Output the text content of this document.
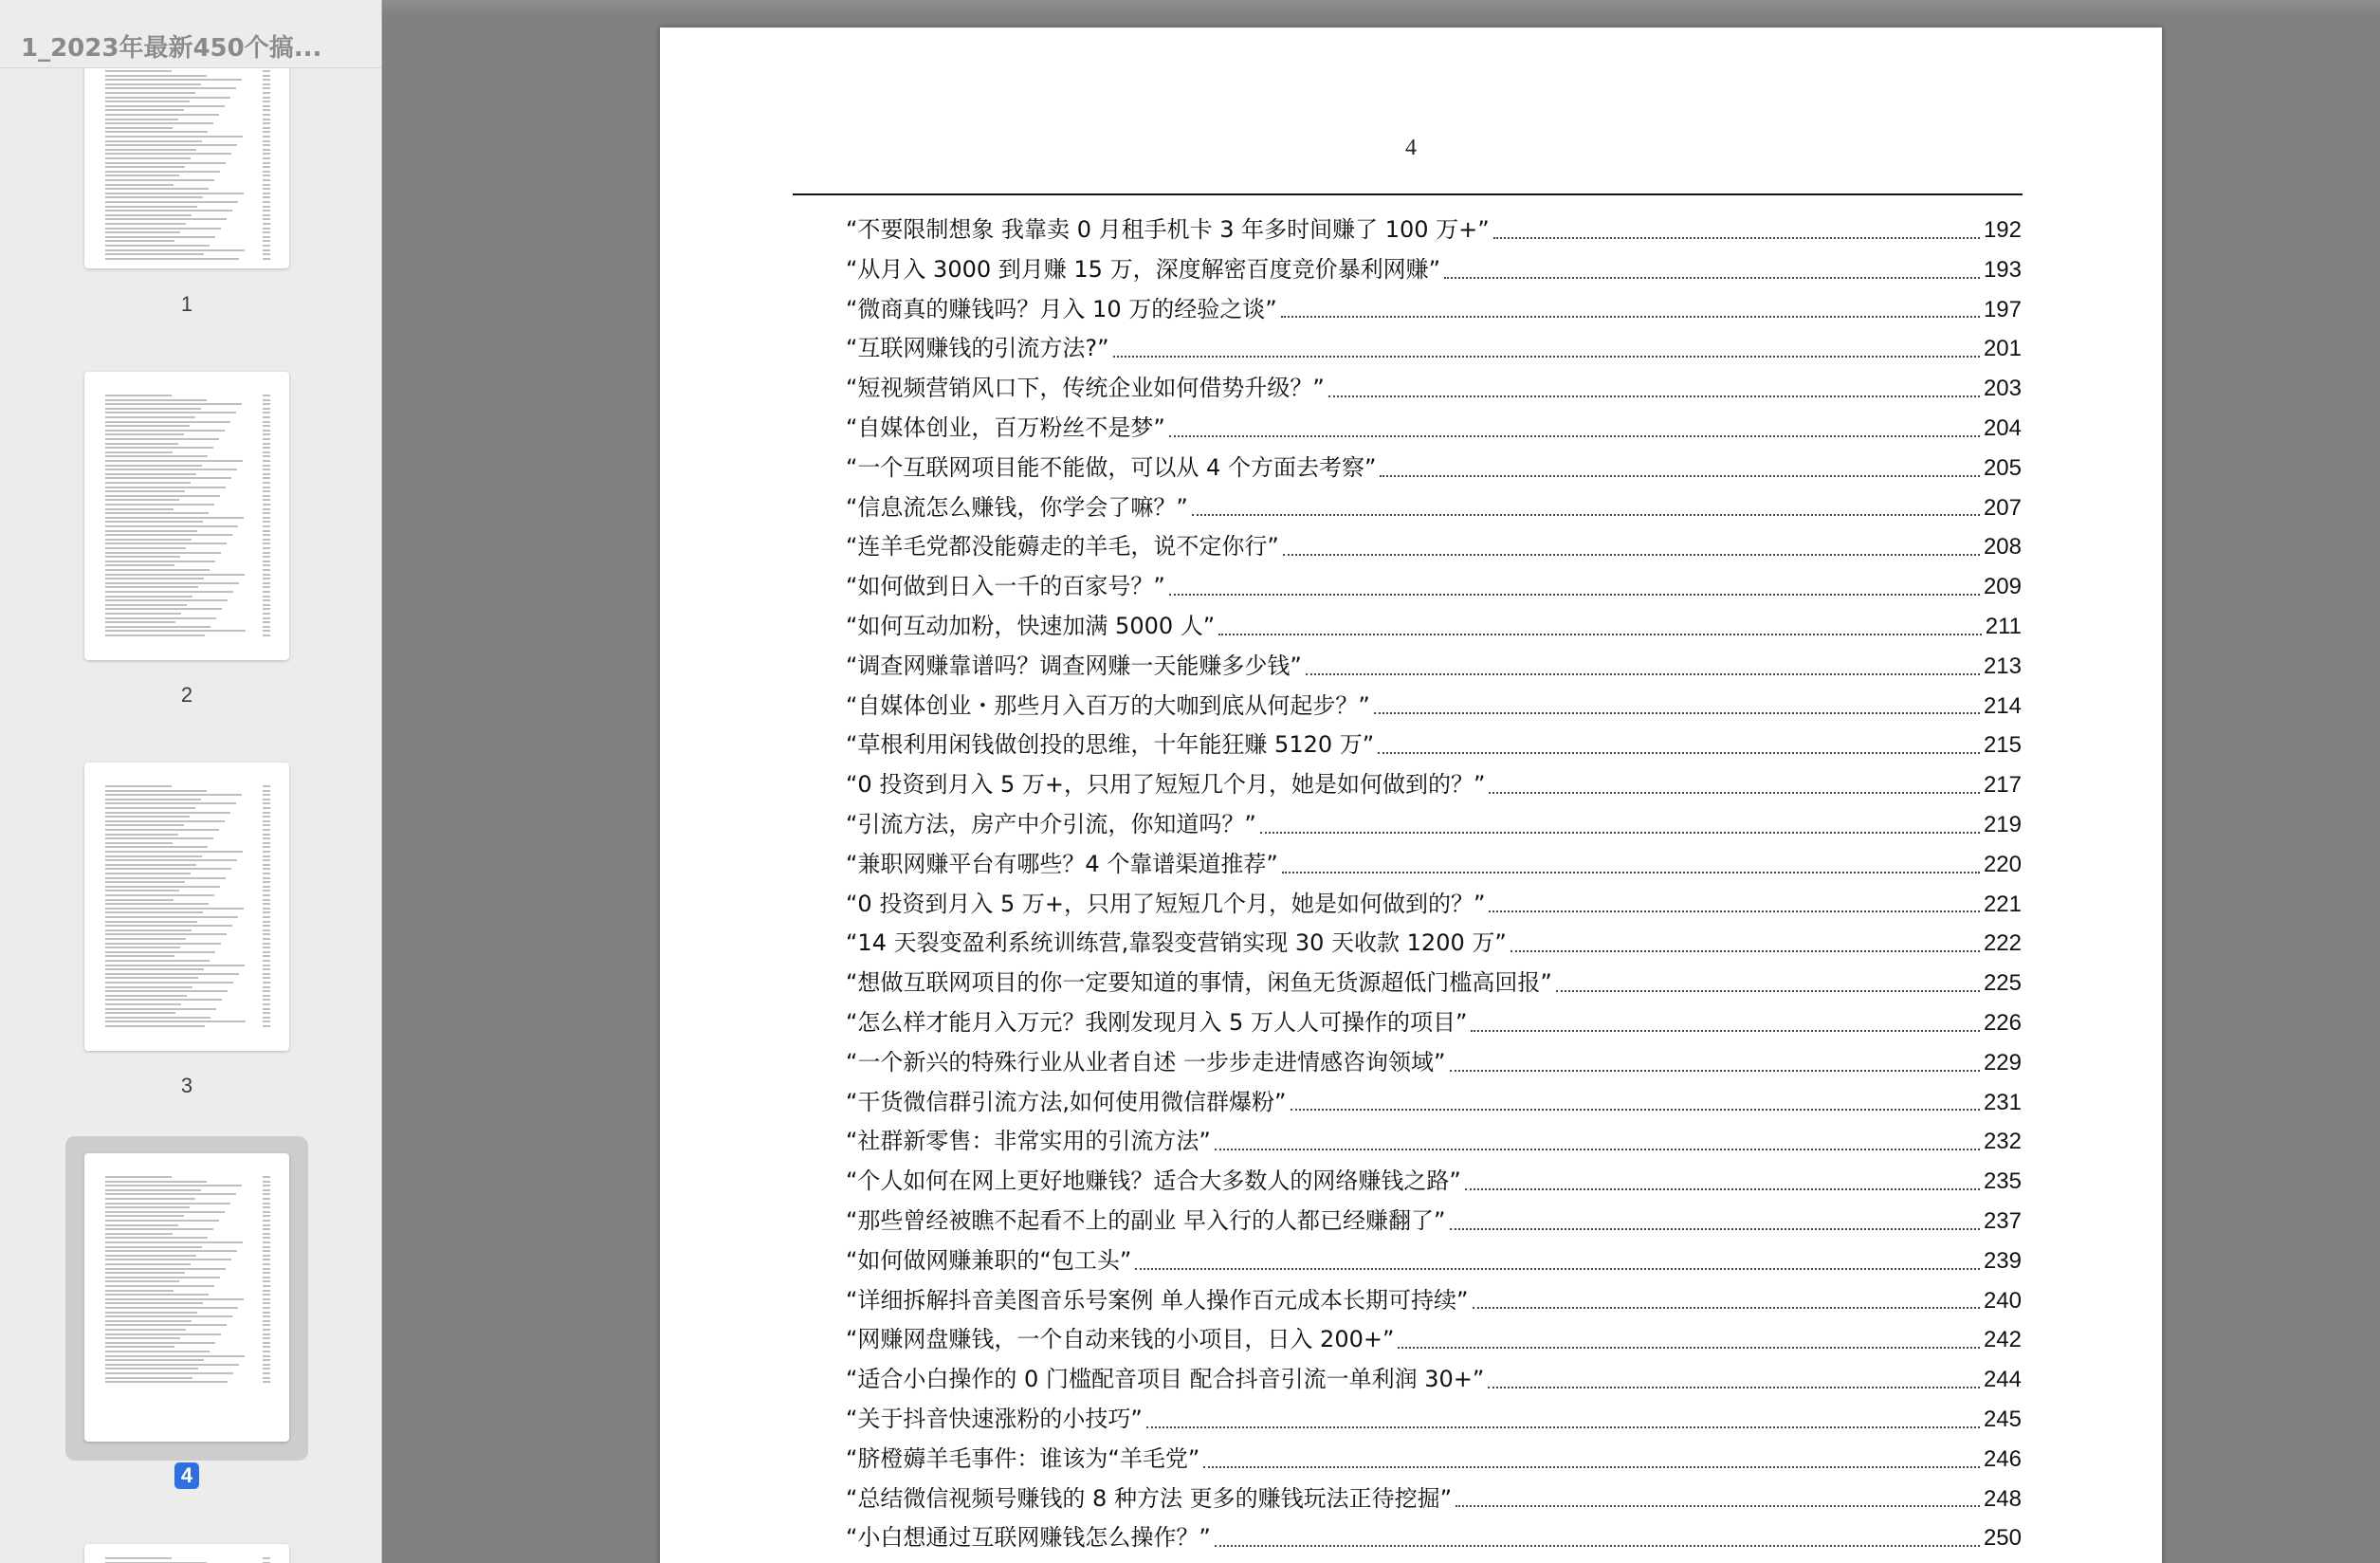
1_2023年最新450个搞...
1
2
3
4
4
“不要限制想象 我靠卖 0 月租手机卡 3 年多时间赚了 100 万+”	192
“从月入 3000 到月赚 15 万，深度解密百度竞价暴利网赚”	193
“微商真的赚钱吗？月入 10 万的经验之谈”	197
“互联网赚钱的引流方法?”	201
“短视频营销风口下，传统企业如何借势升级？”	203
“自媒体创业，百万粉丝不是梦”	204
“一个互联网项目能不能做，可以从 4 个方面去考察”	205
“信息流怎么赚钱，你学会了嘛？”	207
“连羊毛党都没能薅走的羊毛，说不定你行”	208
“如何做到日入一千的百家号？”	209
“如何互动加粉，快速加满 5000 人”	211
“调查网赚靠谱吗？调查网赚一天能赚多少钱”	213
“自媒体创业・那些月入百万的大咖到底从何起步？”	214
“草根利用闲钱做创投的思维，十年能狂赚 5120 万”	215
“0 投资到月入 5 万+，只用了短短几个月，她是如何做到的？”	217
“引流方法，房产中介引流，你知道吗？”	219
“兼职网赚平台有哪些？4 个靠谱渠道推荐”	220
“0 投资到月入 5 万+，只用了短短几个月，她是如何做到的？”	221
“14 天裂变盈利系统训练营,靠裂变营销实现 30 天收款 1200 万”	222
“想做互联网项目的你一定要知道的事情，闲鱼无货源超低门槛高回报”	225
“怎么样才能月入万元？我刚发现月入 5 万人人可操作的项目”	226
“一个新兴的特殊行业从业者自述 一步步走进情感咨询领域”	229
“干货微信群引流方法,如何使用微信群爆粉”	231
“社群新零售：非常实用的引流方法”	232
“个人如何在网上更好地赚钱？适合大多数人的网络赚钱之路”	235
“那些曾经被瞧不起看不上的副业 早入行的人都已经赚翻了”	237
“如何做网赚兼职的“包工头”	239
“详细拆解抖音美图音乐号案例 单人操作百元成本长期可持续”	240
“网赚网盘赚钱，一个自动来钱的小项目，日入 200+”	242
“适合小白操作的 0 门槛配音项目 配合抖音引流一单利润 30+”	244
“关于抖音快速涨粉的小技巧”	245
“脐橙薅羊毛事件：谁该为“羊毛党”	246
“总结微信视频号赚钱的 8 种方法 更多的赚钱玩法正待挖掘”	248
“小白想通过互联网赚钱怎么操作？”	250
